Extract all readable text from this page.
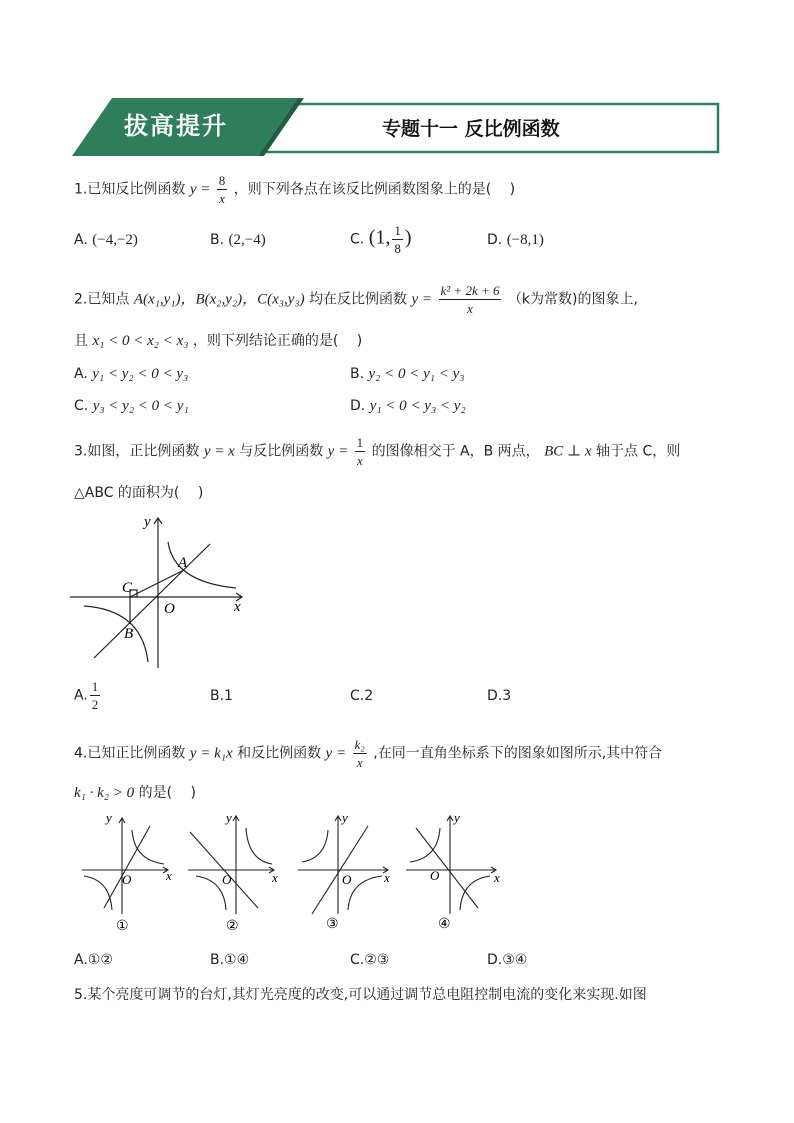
拔高提升	专题十一 反比例函数
1.已知反比例函数 $y = \frac{8}{x}$ ，则下列各点在该反比例函数图象上的是(　 )
A. (−4,−2)	B. (2,−4)	C. (1, $\frac{1}{8}$ )	D. (−8,1)
2.已知点 A(x₁,y₁)，B(x₂,y₂)，C(x₃,y₃) 均在反比例函数 $y = \frac{\text{k² + 2k + 6}}{x} (k$为常数)的图象上,
且 x₁ < 0 < x₂ < x₃ ，则下列结论正确的是(　 )
A. y₁ < y₂ < 0 < y₃	B. y₂ < 0 < y₁ < y₃
C. y₃ < y₂ < 0 < y₁	D. y₁ < 0 < y₃ < y₂
3.如图，正比例函数 y = x 与反比例函数 $y = \frac{1}{x}$ 的图像相交于 A，B 两点， BC ⊥ x 轴于点 C，则
△ABC 的面积为(　 )
y
x
O
A
B
C
A. $\frac{1}{2}$	B.1	C.2	D.3
4.已知正比例函数 y = k₁x 和反比例函数 $y = \frac{\text{k₂}}{x}$ ,在同一直角坐标系下的图象如图所示,其中符合
k₁ · k₂ > 0 的是(　 )
y
x
O
y
x
O
y
x
O
y
x
O
①	②	③	④
A.①②	B.①④	C.②③	D.③④
5.某个亮度可调节的台灯,其灯光亮度的改变,可以通过调节总电阻控制电流的变化来实现.如图
